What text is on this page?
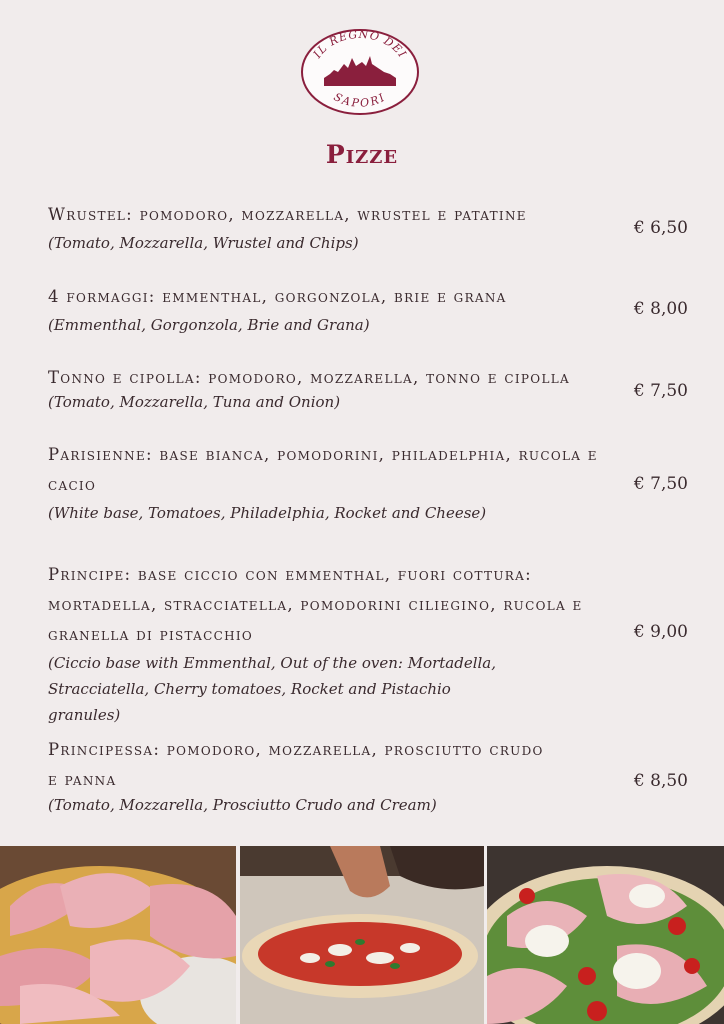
IL REGNO DEI
SAPORI
Pizze
Wrustel: pomodoro, mozzarella, wrustel e patatine
(Tomato, Mozzarella, Wrustel and Chips)
€ 6,50
4 formaggi: emmenthal, gorgonzola, brie e grana
(Emmenthal, Gorgonzola, Brie and Grana)
€ 8,00
Tonno e cipolla: pomodoro, mozzarella, tonno e cipolla
(Tomato, Mozzarella, Tuna and Onion)
€ 7,50
Parisienne: base bianca, pomodorini, philadelphia, rucola e cacio
(White base, Tomatoes, Philadelphia, Rocket and Cheese)
€ 7,50
Principe: base ciccio con emmenthal, fuori cottura: mortadella, stracciatella, pomodorini ciliegino, rucola e granella di pistacchio
(Ciccio base with Emmenthal, Out of the oven: Mortadella, Stracciatella, Cherry tomatoes, Rocket and Pistachio granules)
€ 9,00
Principessa: pomodoro, mozzarella, prosciutto crudo e panna
(Tomato, Mozzarella, Prosciutto Crudo and Cream)
€ 8,50
